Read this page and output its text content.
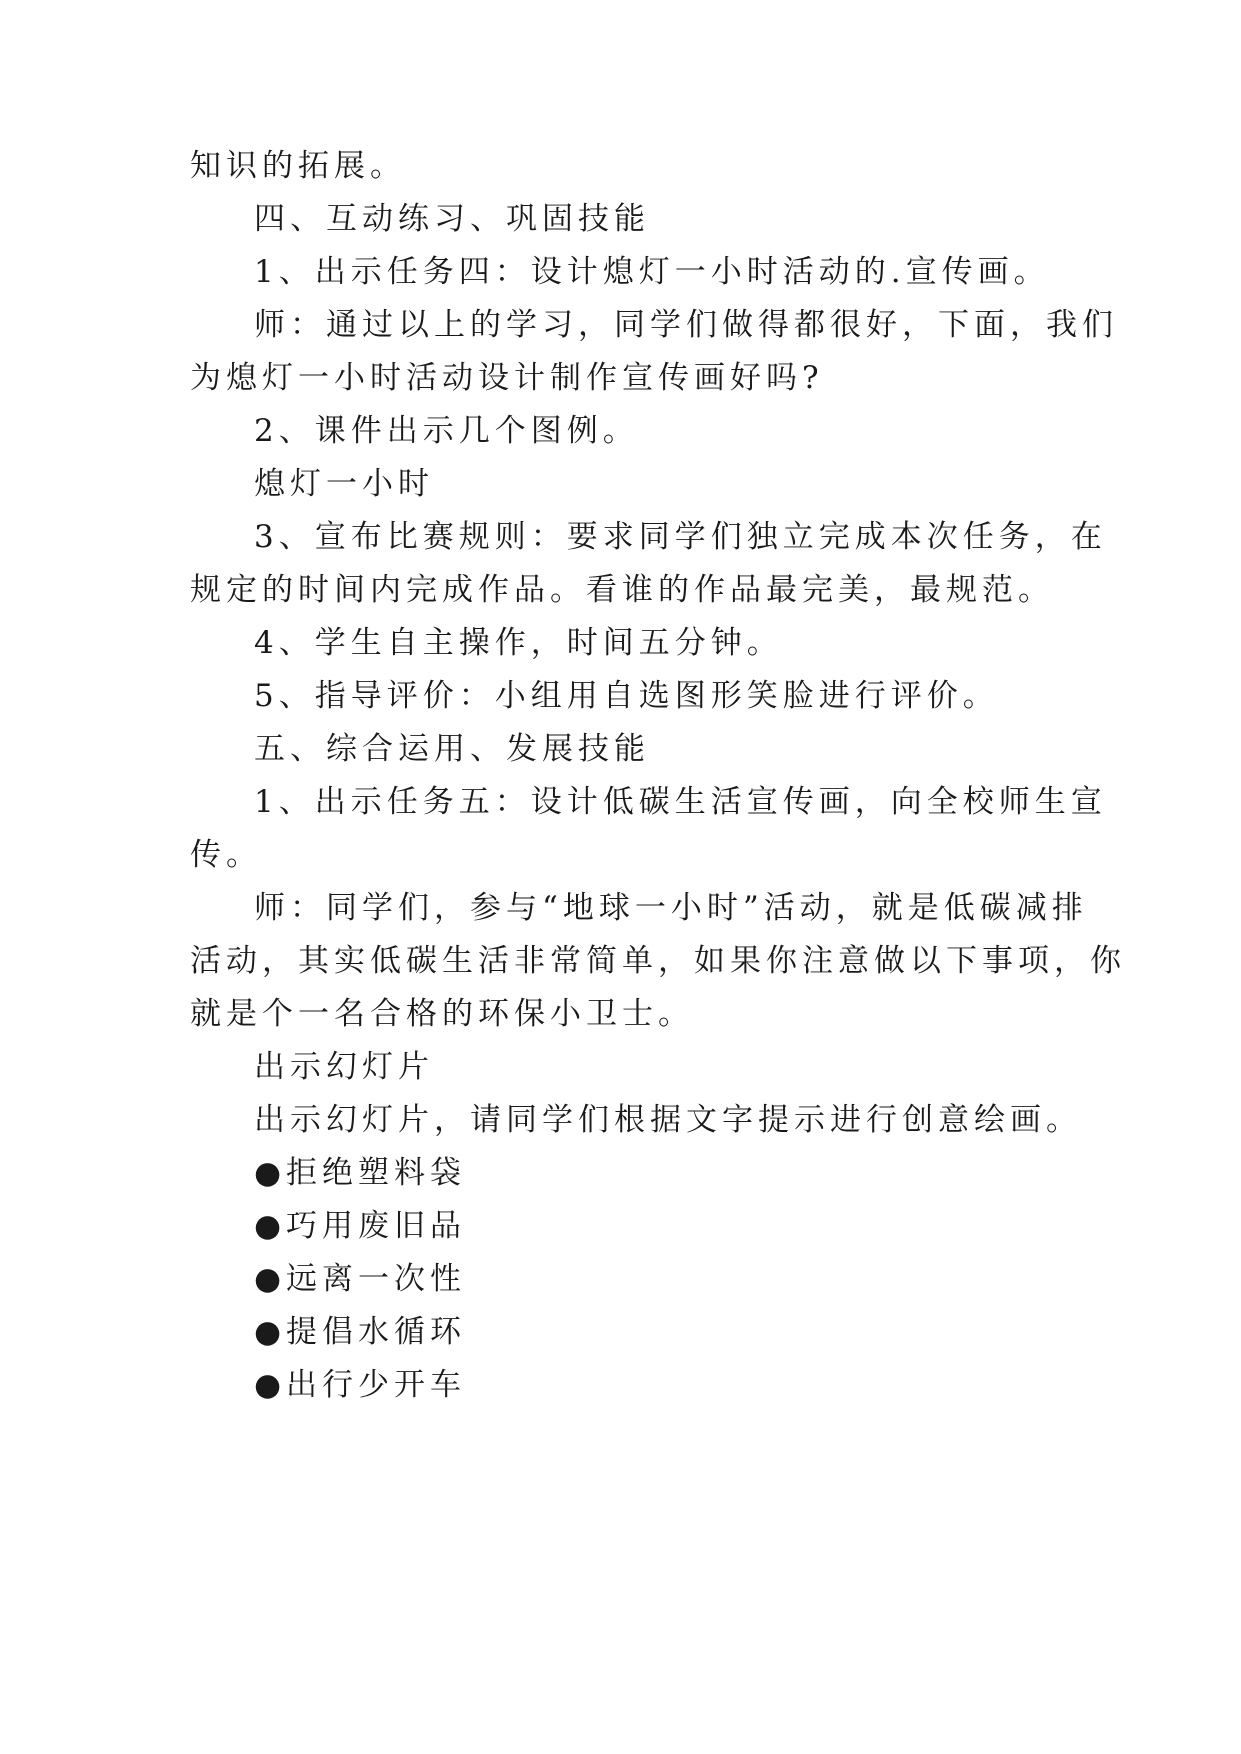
知识的拓展。
四、互动练习、巩固技能
1、出示任务四：设计熄灯一小时活动的.宣传画。
师：通过以上的学习，同学们做得都很好，下面，我们
为熄灯一小时活动设计制作宣传画好吗?
2、课件出示几个图例。
熄灯一小时
3、宣布比赛规则：要求同学们独立完成本次任务，在
规定的时间内完成作品。看谁的作品最完美，最规范。
4、学生自主操作，时间五分钟。
5、指导评价：小组用自选图形笑脸进行评价。
五、综合运用、发展技能
1、出示任务五：设计低碳生活宣传画，向全校师生宣
传。
师：同学们，参与“地球一小时”活动，就是低碳减排
活动，其实低碳生活非常简单，如果你注意做以下事项，你
就是个一名合格的环保小卫士。
出示幻灯片
出示幻灯片，请同学们根据文字提示进行创意绘画。
●拒绝塑料袋
●巧用废旧品
●远离一次性
●提倡水循环
●出行少开车
